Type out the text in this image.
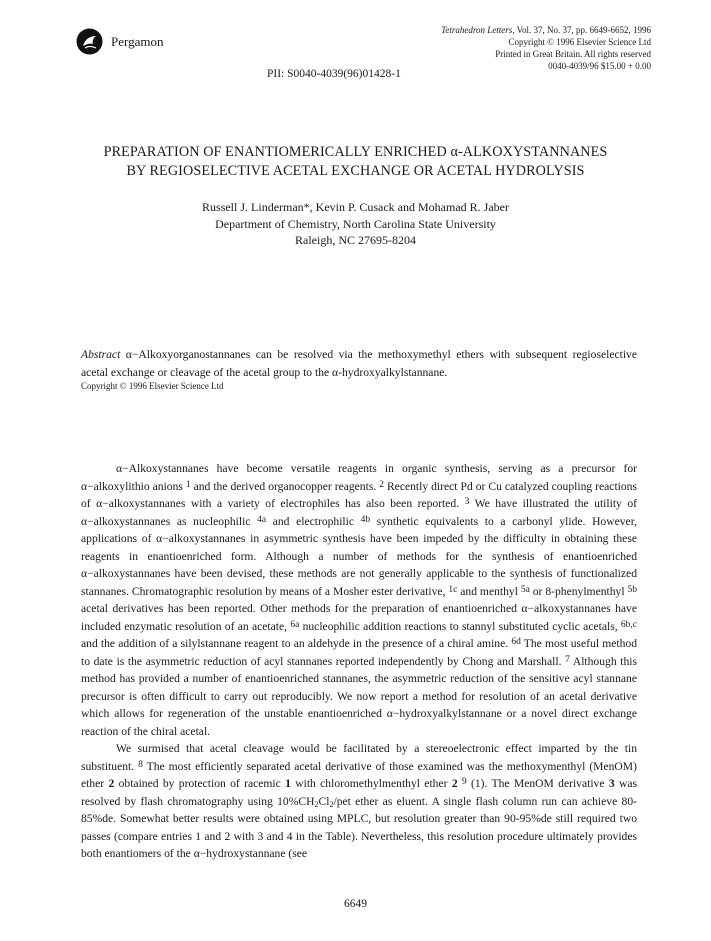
Pergamon
Tetrahedron Letters, Vol. 37, No. 37, pp. 6649-6652, 1996
Copyright © 1996 Elsevier Science Ltd
Printed in Great Britain. All rights reserved
0040-4039/96 $15.00 + 0.00
PII: S0040-4039(96)01428-1
PREPARATION OF ENANTIOMERICALLY ENRICHED α-ALKOXYSTANNANES
BY REGIOSELECTIVE ACETAL EXCHANGE OR ACETAL HYDROLYSIS
Russell J. Linderman*, Kevin P. Cusack and Mohamad R. Jaber
Department of Chemistry, North Carolina State University
Raleigh, NC 27695-8204
Abstract α−Alkoxyorganostannanes can be resolved via the methoxymethyl ethers with subsequent regioselective acetal exchange or cleavage of the acetal group to the α-hydroxyalkylstannane.
Copyright © 1996 Elsevier Science Ltd

α−Alkoxystannanes have become versatile reagents in organic synthesis, serving as a precursor for α−alkoxylithio anions $^1$ and the derived organocopper reagents. $^2$ Recently direct Pd or Cu catalyzed coupling reactions of α−alkoxystannanes with a variety of electrophiles has also been reported. $^3$ We have illustrated the utility of α−alkoxystannanes as nucleophilic $^{4a}$ and electrophilic $^{4b}$ synthetic equivalents to a carbonyl ylide. However, applications of α−alkoxystannanes in asymmetric synthesis have been impeded by the difficulty in obtaining these reagents in enantioenriched form. Although a number of methods for the synthesis of enantioenriched α−alkoxystannanes have been devised, these methods are not generally applicable to the synthesis of functionalized stannanes. Chromatographic resolution by means of a Mosher ester derivative, $^{1c}$ and menthyl $^{5a}$ or 8-phenylmenthyl $^{5b}$ acetal derivatives has been reported. Other methods for the preparation of enantioenriched α−alkoxystannanes have included enzymatic resolution of an acetate, $^{6a}$ nucleophilic addition reactions to stannyl substituted cyclic acetals, $^{6b,c}$ and the addition of a silylstannane reagent to an aldehyde in the presence of a chiral amine. $^{6d}$ The most useful method to date is the asymmetric reduction of acyl stannanes reported independently by Chong and Marshall. $^7$ Although this method has provided a number of enantioenriched stannanes, the asymmetric reduction of the sensitive acyl stannane precursor is often difficult to carry out reproducibly. We now report a method for resolution of an acetal derivative which allows for regeneration of the unstable enantioenriched α−hydroxyalkylstannane or a novel direct exchange reaction of the chiral acetal.

We surmised that acetal cleavage would be facilitated by a stereoelectronic effect imparted by the tin substituent. $^8$ The most efficiently separated acetal derivative of those examined was the methoxymenthyl (MenOM) ether 2 obtained by protection of racemic 1 with chloromethylmenthyl ether 2 $^9$ (1). The MenOM derivative 3 was resolved by flash chromatography using $10\%CH_2Cl_2$/pet ether as eluent. A single flash column run can achieve 80-85%de. Somewhat better results were obtained using MPLC, but resolution greater than 90-95%de still required two passes (compare entries 1 and 2 with 3 and 4 in the Table). Nevertheless, this resolution procedure ultimately provides both enantiomers of the α−hydroxystannane (see

6649
